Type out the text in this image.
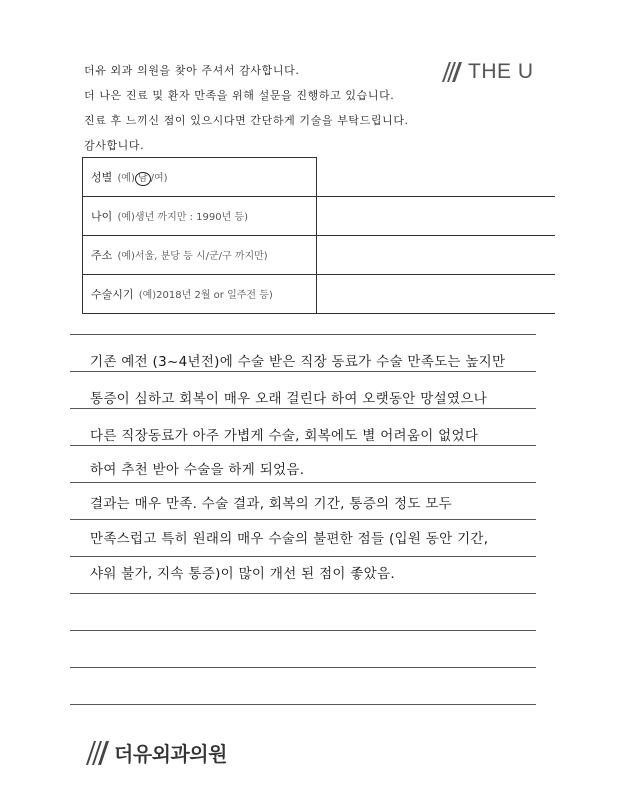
더유 외과 의원을 찾아 주셔서 감사합니다.
더 나은 진료 및 환자 만족을 위해 설문을 진행하고 있습니다.
진료 후 느끼신 점이 있으시다면 간단하게 기술을 부탁드립니다.
감사합니다.
THE U
성별 (예) 남 /여)	
나이 (예)생년 까지만 : 1990년 등)	
주소 (예)서울, 분당 등 시/군/구 까지만)	
수술시기 (예)2018년 2월 or 일주전 등)	
기존 예전 (3~4년전)에 수술 받은 직장 동료가 수술 만족도는 높지만
통증이 심하고 회복이 매우 오래 걸린다 하여 오랫동안 망설였으나
다른 직장동료가 아주 가볍게 수술, 회복에도 별 어려움이 없었다
하여 추천 받아 수술을 하게 되었음.
결과는 매우 만족. 수술 결과, 회복의 기간, 통증의 정도 모두
만족스럽고 특히 원래의 매우 수술의 불편한 점들 (입원 동안 기간,
샤워 불가, 지속 통증)이 많이 개선 된 점이 좋았음.
더유외과의원
